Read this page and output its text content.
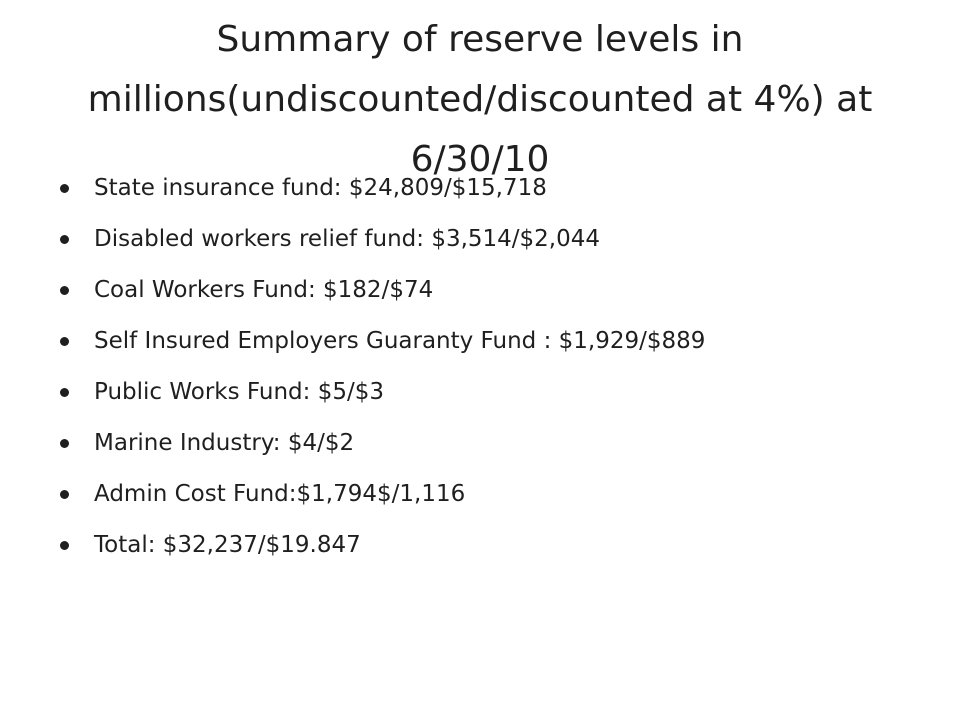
Summary of reserve levels in millions(undiscounted/discounted at 4%) at 6/30/10
State insurance fund: $24,809/$15,718
Disabled workers relief fund: $3,514/$2,044
Coal Workers Fund: $182/$74
Self Insured Employers Guaranty Fund : $1,929/$889
Public Works Fund: $5/$3
Marine Industry: $4/$2
Admin Cost Fund:$1,794$/1,116
Total: $32,237/$19.847
